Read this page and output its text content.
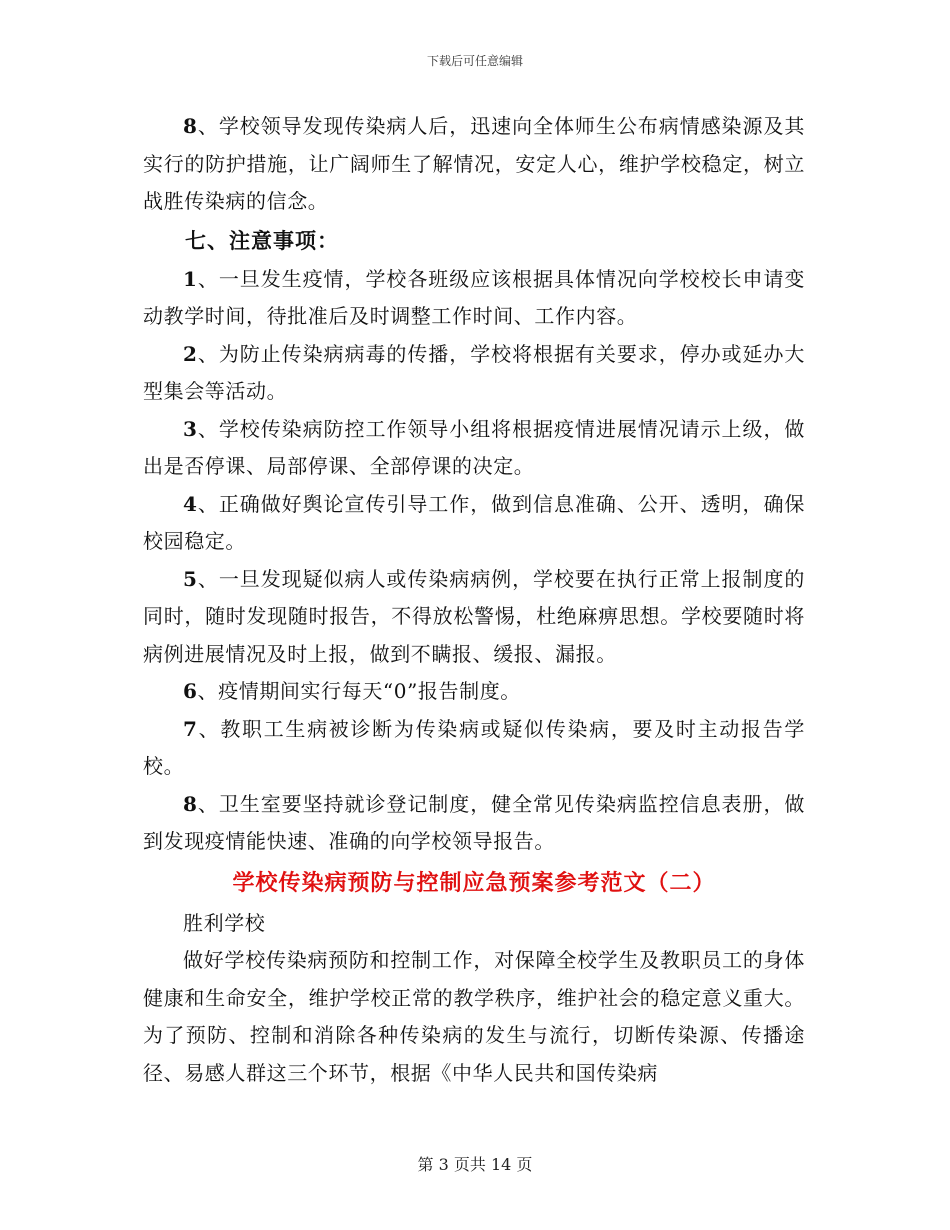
下载后可任意编辑

8、学校领导发现传染病人后，迅速向全体师生公布病情感染源及其实行的防护措施，让广阔师生了解情况，安定人心，维护学校稳定，树立战胜传染病的信念。

七、注意事项：

1、一旦发生疫情，学校各班级应该根据具体情况向学校校长申请变动教学时间，待批准后及时调整工作时间、工作内容。

2、为防止传染病病毒的传播，学校将根据有关要求，停办或延办大型集会等活动。

3、学校传染病防控工作领导小组将根据疫情进展情况请示上级，做出是否停课、局部停课、全部停课的决定。

4、正确做好舆论宣传引导工作，做到信息准确、公开、透明，确保校园稳定。

5、一旦发现疑似病人或传染病病例，学校要在执行正常上报制度的同时，随时发现随时报告，不得放松警惕，杜绝麻痹思想。学校要随时将病例进展情况及时上报，做到不瞒报、缓报、漏报。

6、疫情期间实行每天“0”报告制度。

7、教职工生病被诊断为传染病或疑似传染病，要及时主动报告学校。

8、卫生室要坚持就诊登记制度，健全常见传染病监控信息表册，做到发现疫情能快速、准确的向学校领导报告。

学校传染病预防与控制应急预案参考范文（二）

胜利学校

做好学校传染病预防和控制工作，对保障全校学生及教职员工的身体健康和生命安全，维护学校正常的教学秩序，维护社会的稳定意义重大。为了预防、控制和消除各种传染病的发生与流行，切断传染源、传播途径、易感人群这三个环节，根据《中华人民共和国传染病

第 3 页共 14 页
